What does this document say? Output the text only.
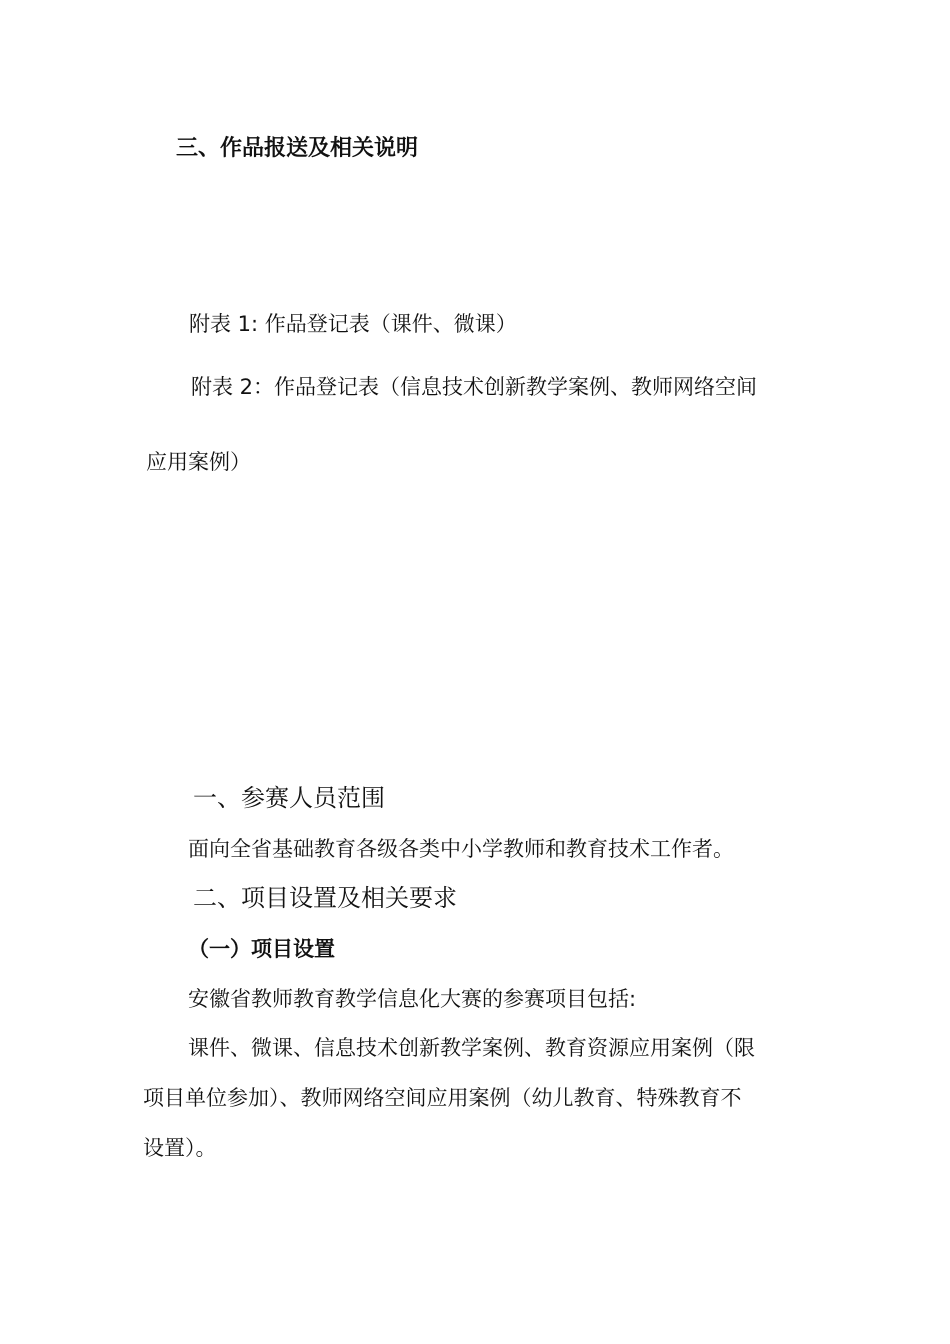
三、作品报送及相关说明
附表 1: 作品登记表（课件、微课）
附表 2：作品登记表（信息技术创新教学案例、教师网络空间
应用案例）
一、参赛人员范围
面向全省基础教育各级各类中小学教师和教育技术工作者。
二、项目设置及相关要求
（一）项目设置
安徽省教师教育教学信息化大赛的参赛项目包括:
课件、微课、信息技术创新教学案例、教育资源应用案例（限
项目单位参加）、教师网络空间应用案例（幼儿教育、特殊教育不
设置）。
